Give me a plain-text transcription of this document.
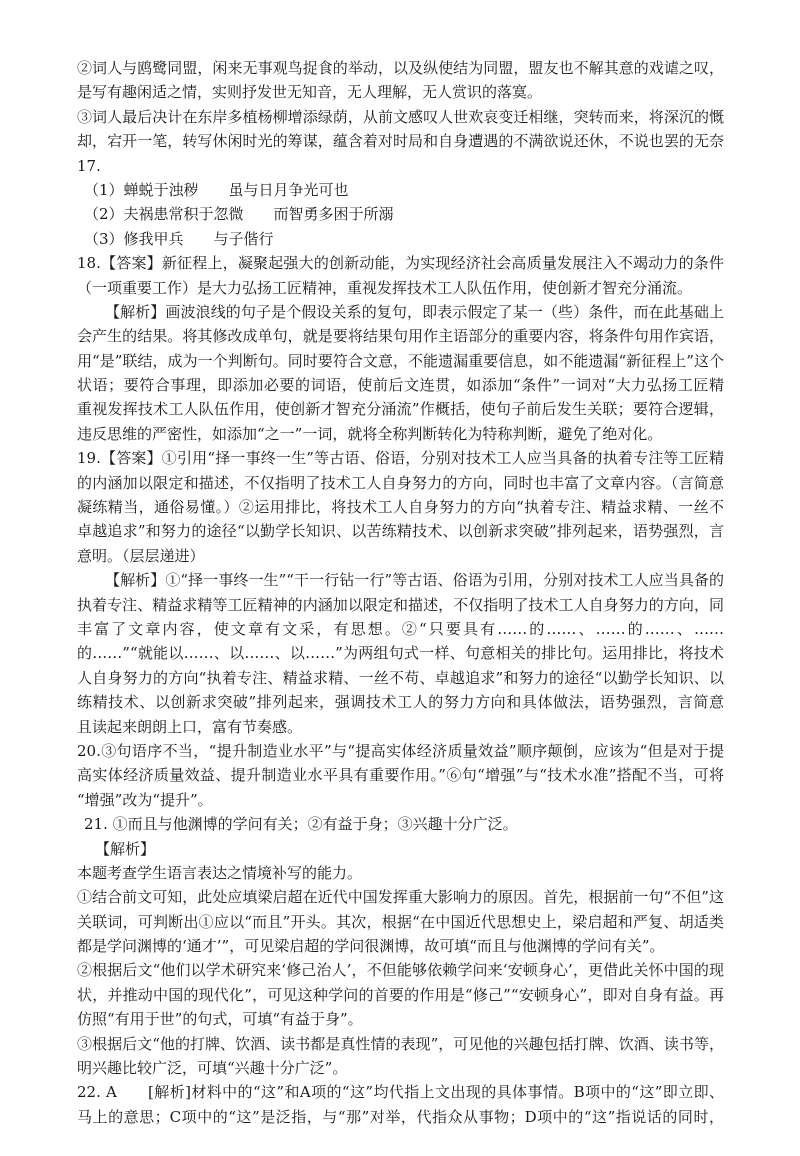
②词人与鸥鹭同盟，闲来无事观鸟捉食的举动，以及纵使结为同盟，盟友也不解其意的戏谑之叹，
是写有趣闲适之情，实则抒发世无知音，无人理解，无人赏识的落寞。
③词人最后决计在东岸多植杨柳增添绿荫，从前文感叹人世欢哀变迁相继，突转而来，将深沉的慨
却，宕开一笔，转写休闲时光的筹谋，蕴含着对时局和自身遭遇的不满欲说还休，不说也罢的无奈
17.
（1）蝉蜕于浊秽　　虽与日月争光可也
（2）夫祸患常积于忽微　　而智勇多困于所溺
（3）修我甲兵　　与子偕行
18.【答案】新征程上，凝聚起强大的创新动能，为实现经济社会高质量发展注入不竭动力的条件
（一项重要工作）是大力弘扬工匠精神，重视发挥技术工人队伍作用，使创新才智充分涌流。
【解析】画波浪线的句子是个假设关系的复句，即表示假定了某一（些）条件，而在此基础上
会产生的结果。将其修改成单句，就是要将结果句用作主语部分的重要内容，将条件句用作宾语，
用“是”联结，成为一个判断句。同时要符合文意，不能遗漏重要信息，如不能遗漏“新征程上”这个
状语；要符合事理，即添加必要的词语，使前后文连贯，如添加“条件”一词对“大力弘扬工匠精
重视发挥技术工人队伍作用，使创新才智充分涌流”作概括，使句子前后发生关联；要符合逻辑，
违反思维的严密性，如添加“之一”一词，就将全称判断转化为特称判断，避免了绝对化。
19.【答案】①引用“择一事终一生”等古语、俗语，分别对技术工人应当具备的执着专注等工匠精
的内涵加以限定和描述，不仅指明了技术工人自身努力的方向，同时也丰富了文章内容。（言简意
凝练精当，通俗易懂。）②运用排比，将技术工人自身努力的方向“执着专注、精益求精、一丝不
卓越追求”和努力的途径“以勤学长知识、以苦练精技术、以创新求突破”排列起来，语势强烈，言
意明。（层层递进）
【解析】①“择一事终一生”“干一行钻一行”等古语、俗语为引用，分别对技术工人应当具备的
执着专注、精益求精等工匠精神的内涵加以限定和描述，不仅指明了技术工人自身努力的方向，同
丰富了文章内容，使文章有文采，有思想。②“只要具有……的……、……的……、……
的……”“就能以……、以……、以……”为两组句式一样、句意相关的排比句。运用排比，将技术
人自身努力的方向“执着专注、精益求精、一丝不苟、卓越追求”和努力的途径“以勤学长知识、以
练精技术、以创新求突破”排列起来，强调技术工人的努力方向和具体做法，语势强烈，言简意
且读起来朗朗上口，富有节奏感。
20.③句语序不当，“提升制造业水平”与“提高实体经济质量效益”顺序颠倒，应该为“但是对于提
高实体经济质量效益、提升制造业水平具有重要作用。”⑥句“增强”与“技术水准”搭配不当，可将
“增强”改为“提升”。
21. ①而且与他渊博的学问有关；②有益于身；③兴趣十分广泛。
【解析】
本题考查学生语言表达之情境补写的能力。
①结合前文可知，此处应填梁启超在近代中国发挥重大影响力的原因。首先，根据前一句“不但”这
关联词，可判断出①应以“而且”开头。其次，根据“在中国近代思想史上，梁启超和严复、胡适类
都是学问渊博的‘通才’”，可见梁启超的学问很渊博，故可填“而且与他渊博的学问有关”。
②根据后文“他们以学术研究来‘修己治人’，不但能够依赖学问来‘安顿身心’，更借此关怀中国的现
状，并推动中国的现代化”，可见这种学问的首要的作用是“修己”“安顿身心”，即对自身有益。再
仿照“有用于世”的句式，可填“有益于身”。
③根据后文“他的打牌、饮酒、读书都是真性情的表现”，可见他的兴趣包括打牌、饮酒、读书等，
明兴趣比较广泛，可填“兴趣十分广泛”。
22. A　　[解析]材料中的“这”和A项的“这”均代指上文出现的具体事情。B项中的“这”即立即、
马上的意思；C项中的“这”是泛指，与“那”对举，代指众从事物；D项中的“这”指说话的同时，
